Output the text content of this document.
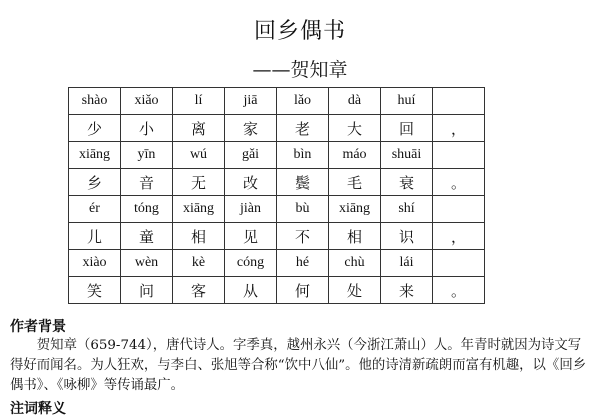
回乡偶书
——贺知章
shào	xiǎo	lí	jiā	lǎo	dà	huí	
少	小	离	家	老	大	回	，
xiāng	yīn	wú	gǎi	bìn	máo	shuāi	
乡	音	无	改	鬓	毛	衰	。
ér	tóng	xiāng	jiàn	bù	xiāng	shí	
儿	童	相	见	不	相	识	，
xiào	wèn	kè	cóng	hé	chù	lái	
笑	问	客	从	何	处	来	。
作者背景

贺知章（659-744），唐代诗人。字季真，越州永兴（今浙江萧山）人。年青时就因为诗文写得好而闻名。为人狂欢，与李白、张旭等合称“饮中八仙”。他的诗清新疏朗而富有机趣，以《回乡偶书》、《咏柳》等传诵最广。

注词释义
